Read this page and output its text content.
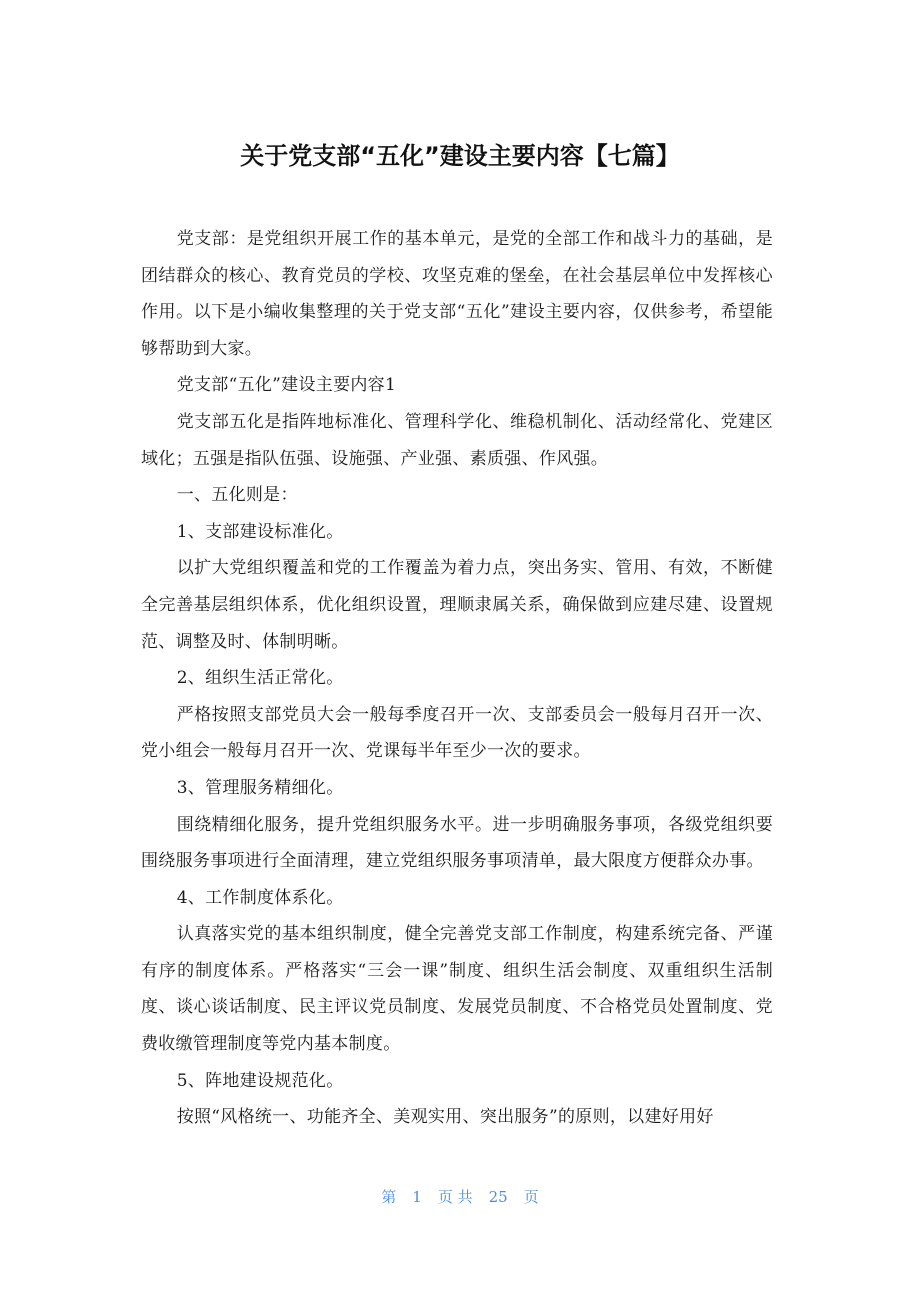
关于党支部“五化”建设主要内容【七篇】

党支部：是党组织开展工作的基本单元，是党的全部工作和战斗力的基础，是团结群众的核心、教育党员的学校、攻坚克难的堡垒，在社会基层单位中发挥核心作用。以下是小编收集整理的关于党支部“五化”建设主要内容，仅供参考，希望能够帮助到大家。

党支部“五化”建设主要内容1

党支部五化是指阵地标准化、管理科学化、维稳机制化、活动经常化、党建区域化；五强是指队伍强、设施强、产业强、素质强、作风强。

一、五化则是：

1、支部建设标准化。

以扩大党组织覆盖和党的工作覆盖为着力点，突出务实、管用、有效，不断健全完善基层组织体系，优化组织设置，理顺隶属关系，确保做到应建尽建、设置规范、调整及时、体制明晰。

2、组织生活正常化。

严格按照支部党员大会一般每季度召开一次、支部委员会一般每月召开一次、党小组会一般每月召开一次、党课每半年至少一次的要求。

3、管理服务精细化。

围绕精细化服务，提升党组织服务水平。进一步明确服务事项，各级党组织要围绕服务事项进行全面清理，建立党组织服务事项清单，最大限度方便群众办事。

4、工作制度体系化。

认真落实党的基本组织制度，健全完善党支部工作制度，构建系统完备、严谨有序的制度体系。严格落实“三会一课”制度、组织生活会制度、双重组织生活制度、谈心谈话制度、民主评议党员制度、发展党员制度、不合格党员处置制度、党费收缴管理制度等党内基本制度。

5、阵地建设规范化。

按照“风格统一、功能齐全、美观实用、突出服务”的原则，以建好用好

第 1 页 共 25 页
